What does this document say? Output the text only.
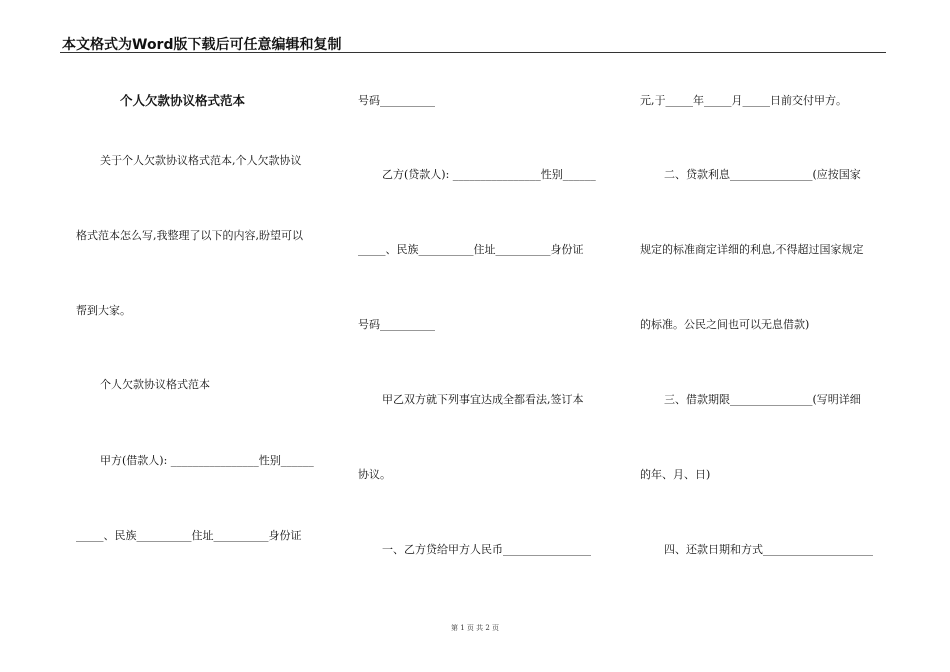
本文格式为Word版下载后可任意编辑和复制
个人欠款协议格式范本
关于个人欠款协议格式范本,个人欠款协议
格式范本怎么写,我整理了以下的内容,盼望可以
帮到大家。
个人欠款协议格式范本
甲方(借款人): ________________性别______
_____、民族__________住址__________身份证
号码__________
乙方(贷款人): ________________性别______
_____、民族__________住址__________身份证
号码__________
甲乙双方就下列事宜达成全都看法,签订本
协议。
一、乙方贷给甲方人民币________________
元,于_____年_____月_____日前交付甲方。
二、贷款利息_______________(应按国家
规定的标准商定详细的利息,不得超过国家规定
的标准。公民之间也可以无息借款)
三、借款期限_______________(写明详细
的年、月、日)
四、还款日期和方式____________________
第 1 页 共 2 页
